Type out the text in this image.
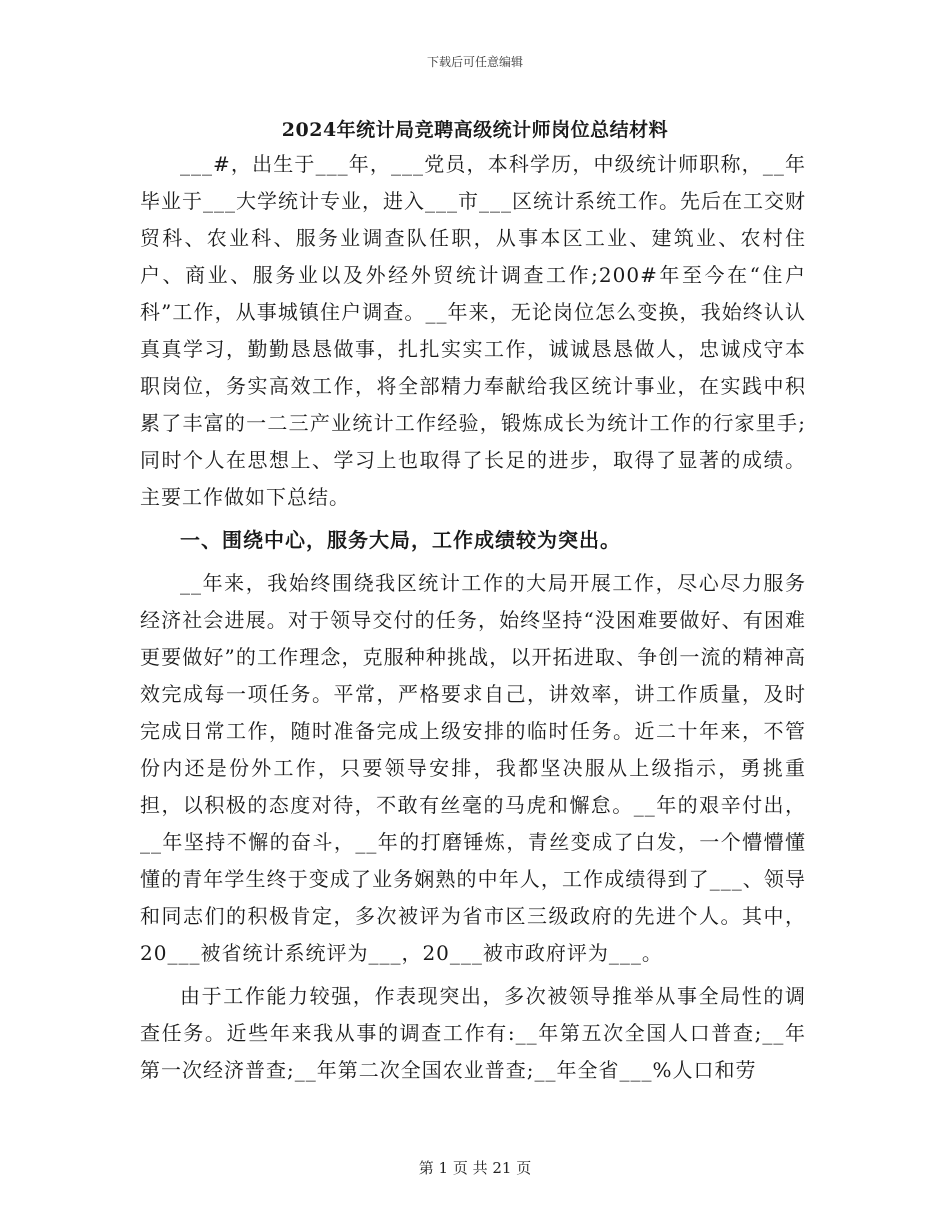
下载后可任意编辑
2024年统计局竞聘高级统计师岗位总结材料

___#，出生于___年，___党员，本科学历，中级统计师职称，__年毕业于___大学统计专业，进入___市___区统计系统工作。先后在工交财贸科、农业科、服务业调查队任职，从事本区工业、建筑业、农村住户、商业、服务业以及外经外贸统计调查工作;200#年至今在“住户科”工作，从事城镇住户调查。__年来，无论岗位怎么变换，我始终认认真真学习，勤勤恳恳做事，扎扎实实工作，诚诚恳恳做人，忠诚戍守本职岗位，务实高效工作，将全部精力奉献给我区统计事业，在实践中积累了丰富的一二三产业统计工作经验，锻炼成长为统计工作的行家里手;同时个人在思想上、学习上也取得了长足的进步，取得了显著的成绩。主要工作做如下总结。

一、围绕中心，服务大局，工作成绩较为突出。

__年来，我始终围绕我区统计工作的大局开展工作，尽心尽力服务经济社会进展。对于领导交付的任务，始终坚持“没困难要做好、有困难更要做好”的工作理念，克服种种挑战，以开拓进取、争创一流的精神高效完成每一项任务。平常，严格要求自己，讲效率，讲工作质量，及时完成日常工作，随时准备完成上级安排的临时任务。近二十年来，不管份内还是份外工作，只要领导安排，我都坚决服从上级指示，勇挑重担，以积极的态度对待，不敢有丝毫的马虎和懈怠。__年的艰辛付出，__年坚持不懈的奋斗，__年的打磨锤炼，青丝变成了白发，一个懵懵懂懂的青年学生终于变成了业务娴熟的中年人，工作成绩得到了___、领导和同志们的积极肯定，多次被评为省市区三级政府的先进个人。其中，20___被省统计系统评为___，20___被市政府评为___。

由于工作能力较强，作表现突出，多次被领导推举从事全局性的调查任务。近些年来我从事的调查工作有:__年第五次全国人口普查;__年第一次经济普查;__年第二次全国农业普查;__年全省___%人口和劳

第 1 页 共 21 页
